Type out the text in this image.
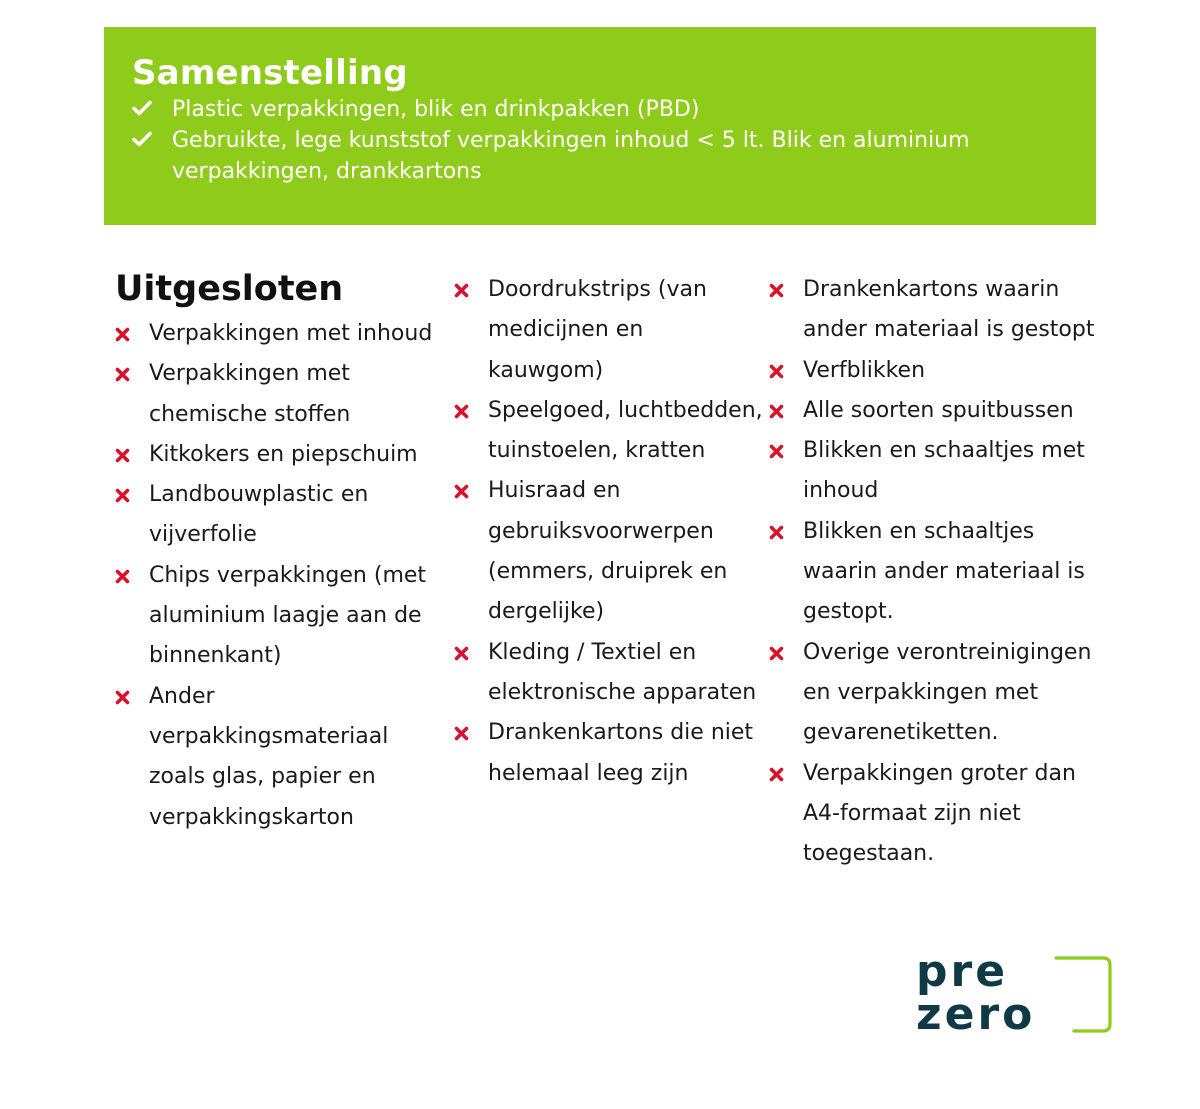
Samenstelling
Plastic verpakkingen, blik en drinkpakken (PBD)
Gebruikte, lege kunststof verpakkingen inhoud < 5 lt. Blik en aluminium verpakkingen, drankkartons
Uitgesloten
Verpakkingen met inhoud
Verpakkingen met chemische stoffen
Kitkokers en piepschuim
Landbouwplastic en vijverfolie
Chips verpakkingen (met aluminium laagje aan de binnenkant)
Ander verpakkingsmateriaal zoals glas, papier en verpakkingskarton
Doordrukstrips (van medicijnen en kauwgom)
Speelgoed, luchtbedden, tuinstoelen, kratten
Huisraad en gebruiksvoorwerpen (emmers, druiprek en dergelijke)
Kleding / Textiel en elektronische apparaten
Drankenkartons die niet helemaal leeg zijn
Drankenkartons waarin ander materiaal is gestopt
Verfblikken
Alle soorten spuitbussen
Blikken en schaaltjes met inhoud
Blikken en schaaltjes waarin ander materiaal is gestopt.
Overige verontreinigingen en verpakkingen met gevarenetiketten.
Verpakkingen groter dan A4-formaat zijn niet toegestaan.
pre
zero
